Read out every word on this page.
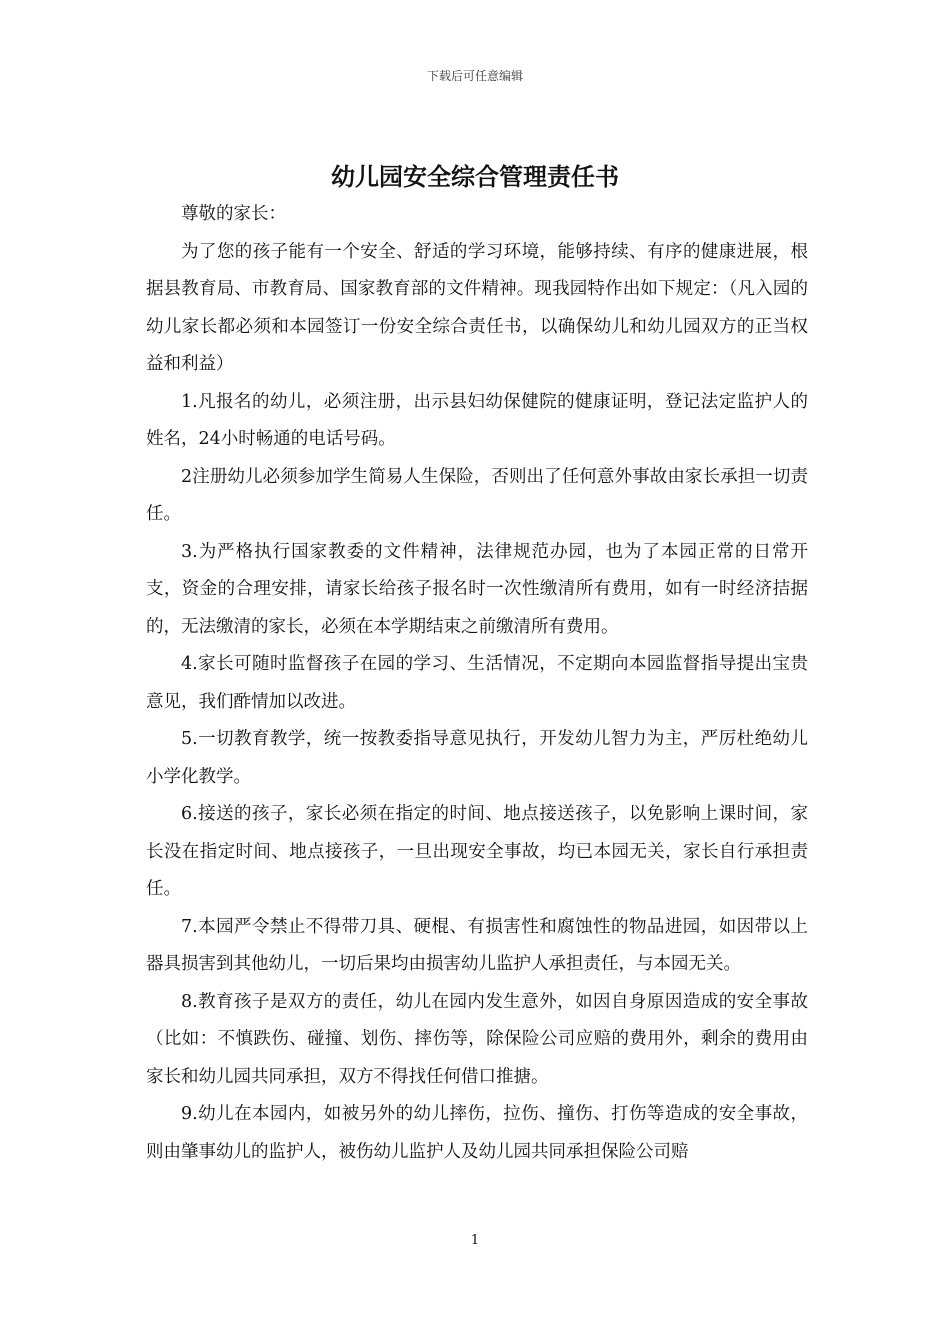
下载后可任意编辑
幼儿园安全综合管理责任书

尊敬的家长：

为了您的孩子能有一个安全、舒适的学习环境，能够持续、有序的健康进展，根据县教育局、市教育局、国家教育部的文件精神。现我园特作出如下规定：（凡入园的幼儿家长都必须和本园签订一份安全综合责任书，以确保幼儿和幼儿园双方的正当权益和利益）

1.凡报名的幼儿，必须注册，出示县妇幼保健院的健康证明，登记法定监护人的姓名，24小时畅通的电话号码。

2注册幼儿必须参加学生简易人生保险，否则出了任何意外事故由家长承担一切责任。

3.为严格执行国家教委的文件精神，法律规范办园，也为了本园正常的日常开支，资金的合理安排，请家长给孩子报名时一次性缴清所有费用，如有一时经济拮据的，无法缴清的家长，必须在本学期结束之前缴清所有费用。

4.家长可随时监督孩子在园的学习、生活情况，不定期向本园监督指导提出宝贵意见，我们酢情加以改进。

5.一切教育教学，统一按教委指导意见执行，开发幼儿智力为主，严厉杜绝幼儿小学化教学。

6.接送的孩子，家长必须在指定的时间、地点接送孩子，以免影响上课时间，家长没在指定时间、地点接孩子，一旦出现安全事故，均已本园无关，家长自行承担责任。

7.本园严令禁止不得带刀具、硬棍、有损害性和腐蚀性的物品进园，如因带以上器具损害到其他幼儿，一切后果均由损害幼儿监护人承担责任，与本园无关。

8.教育孩子是双方的责任，幼儿在园内发生意外，如因自身原因造成的安全事故（比如：不慎跌伤、碰撞、划伤、摔伤等，除保险公司应赔的费用外，剩余的费用由家长和幼儿园共同承担，双方不得找任何借口推搪。

9.幼儿在本园内，如被另外的幼儿摔伤，拉伤、撞伤、打伤等造成的安全事故，则由肇事幼儿的监护人，被伤幼儿监护人及幼儿园共同承担保险公司赔

1
